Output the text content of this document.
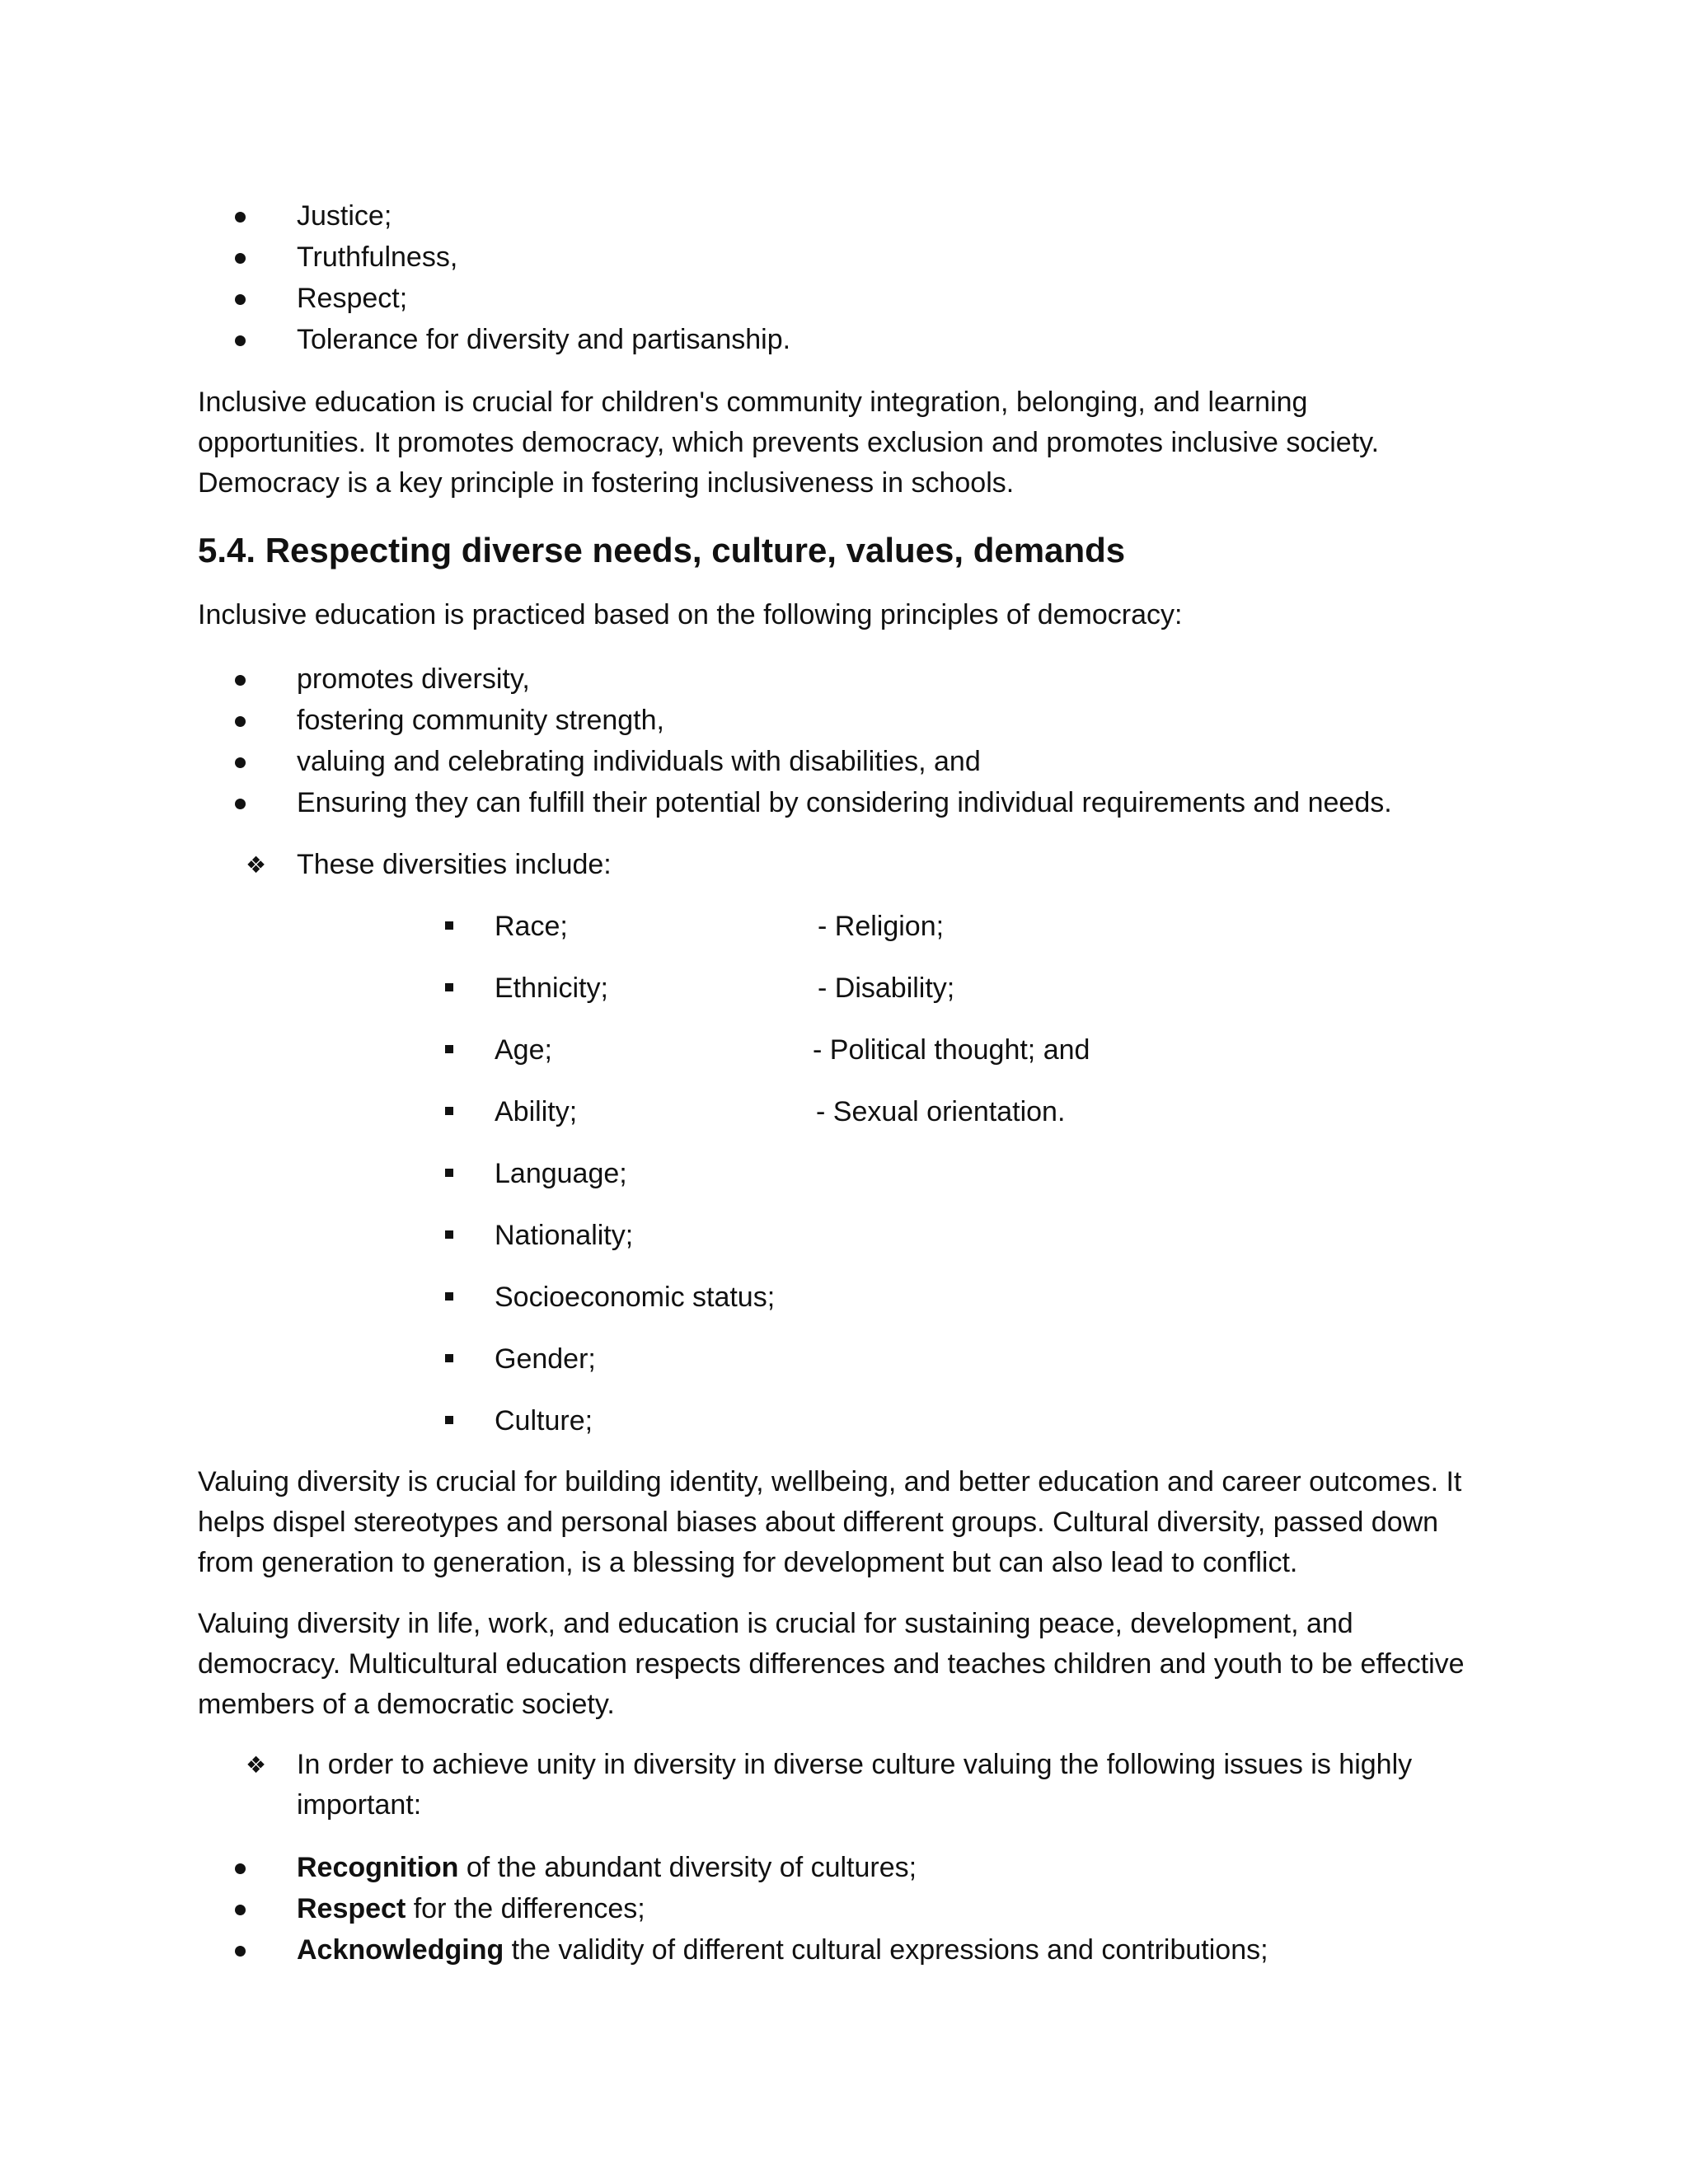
Justice;
Truthfulness,
Respect;
Tolerance for diversity and partisanship.

Inclusive education is crucial for children's community integration, belonging, and learning opportunities. It promotes democracy, which prevents exclusion and promotes inclusive society. Democracy is a key principle in fostering inclusiveness in schools.

5.4. Respecting diverse needs, culture, values, demands

Inclusive education is practiced based on the following principles of democracy:

promotes diversity,
fostering community strength,
valuing and celebrating individuals with disabilities, and
Ensuring they can fulfill their potential by considering individual requirements and needs.
❖ These diversities include:
Race;
Ethnicity;
Age;
Ability;
Language;
Nationality;
Socioeconomic status;
Gender;
Culture;
- Religion;
- Disability;
- Political thought; and
- Sexual orientation.

Valuing diversity is crucial for building identity, wellbeing, and better education and career outcomes. It helps dispel stereotypes and personal biases about different groups. Cultural diversity, passed down from generation to generation, is a blessing for development but can also lead to conflict.

Valuing diversity in life, work, and education is crucial for sustaining peace, development, and democracy. Multicultural education respects differences and teaches children and youth to be effective members of a democratic society.

❖ In order to achieve unity in diversity in diverse culture valuing the following issues is highly important:
Recognition of the abundant diversity of cultures;
Respect for the differences;
Acknowledging the validity of different cultural expressions and contributions;
